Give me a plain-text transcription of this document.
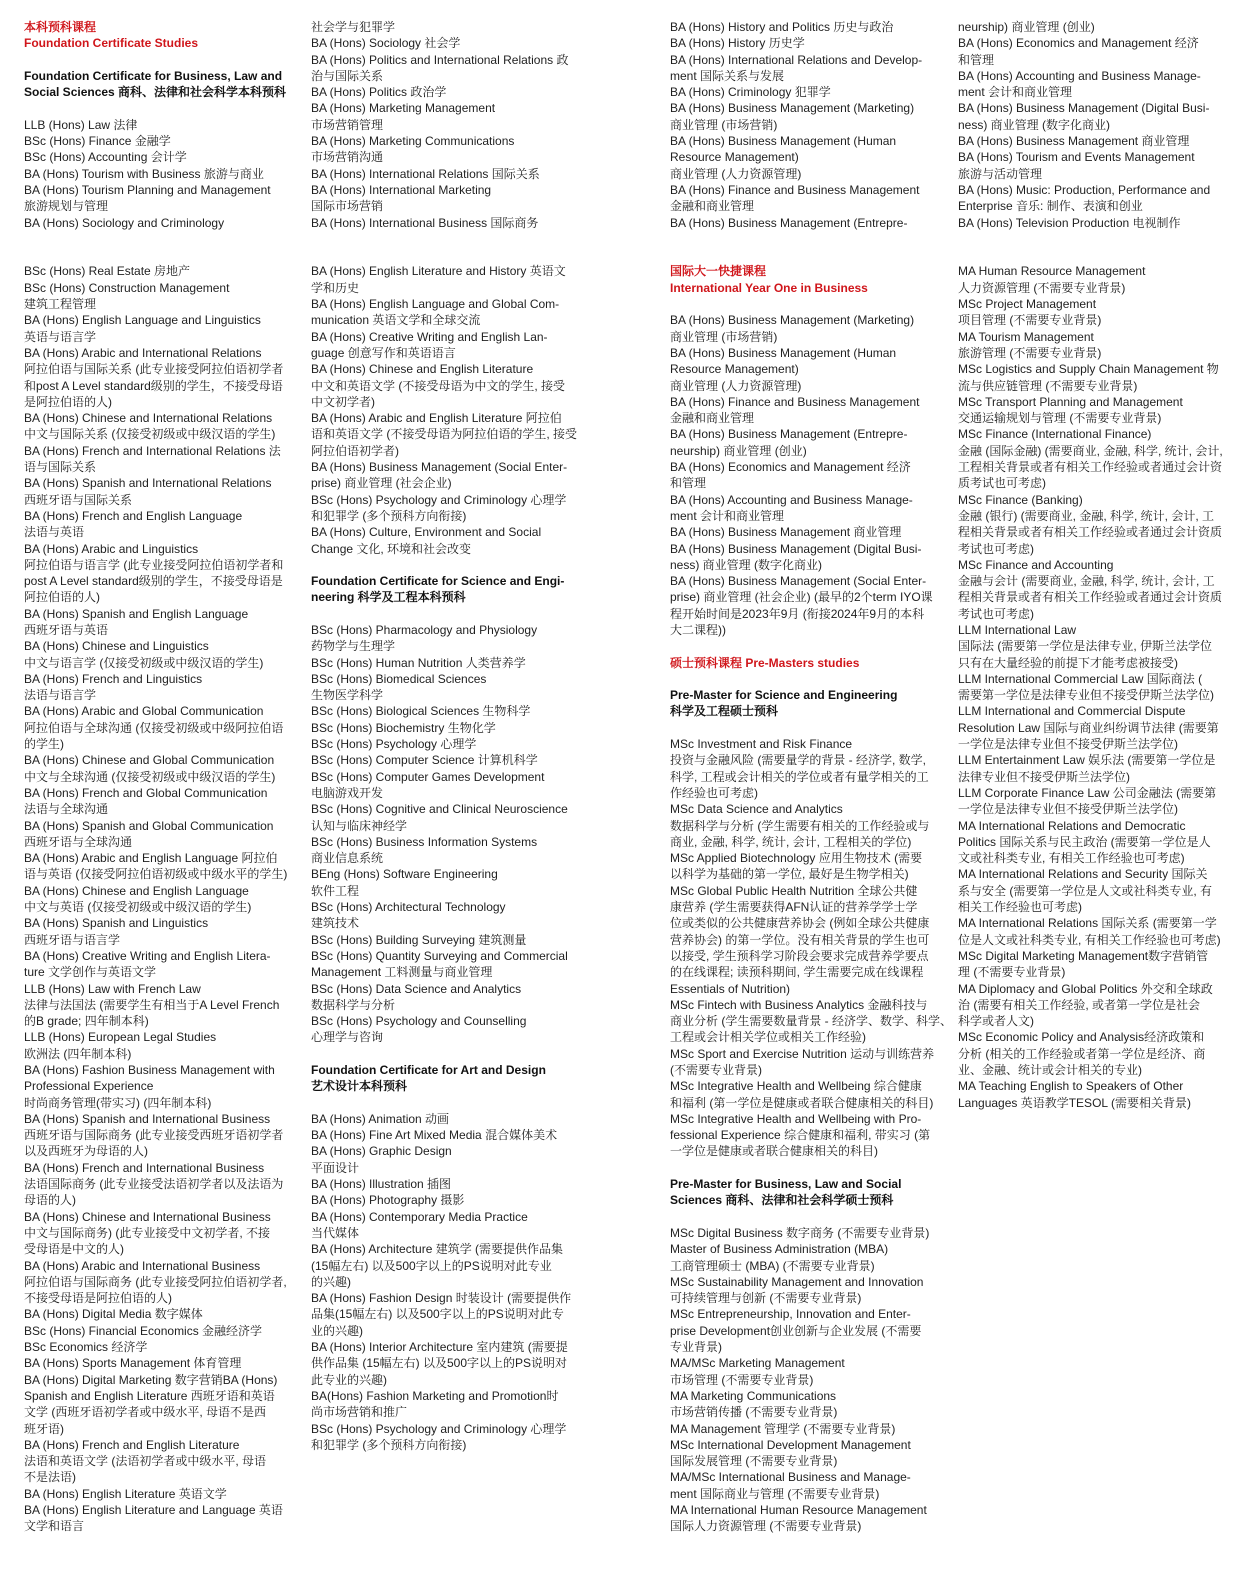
本科预科课程
Foundation Certificate Studies
Foundation Certificate for Business, Law and
Social Sciences 商科、法律和社会科学本科预科
LLB (Hons) Law 法律
BSc (Hons) Finance 金融学
BSc (Hons) Accounting 会计学
BA (Hons) Tourism with Business 旅游与商业
BA (Hons) Tourism Planning and Management
旅游规划与管理
BA (Hons) Sociology and Criminology
BSc (Hons) Real Estate 房地产
BSc (Hons) Construction Management
建筑工程管理
BA (Hons) English Language and Linguistics
英语与语言学
BA (Hons) Arabic and International Relations
阿拉伯语与国际关系 (此专业接受阿拉伯语初学者
和post A Level standard级别的学生，不接受母语
是阿拉伯语的人)
BA (Hons) Chinese and International Relations
中文与国际关系 (仅接受初级或中级汉语的学生)
BA (Hons) French and International Relations 法
语与国际关系
BA (Hons) Spanish and International Relations
西班牙语与国际关系
BA (Hons) French and English Language
法语与英语
BA (Hons) Arabic and Linguistics
阿拉伯语与语言学 (此专业接受阿拉伯语初学者和
post A Level standard级别的学生，不接受母语是
阿拉伯语的人)
BA (Hons) Spanish and English Language
西班牙语与英语
BA (Hons) Chinese and Linguistics
中文与语言学 (仅接受初级或中级汉语的学生)
BA (Hons) French and Linguistics
法语与语言学
BA (Hons) Arabic and Global Communication
阿拉伯语与全球沟通 (仅接受初级或中级阿拉伯语
的学生)
BA (Hons) Chinese and Global Communication
中文与全球沟通 (仅接受初级或中级汉语的学生)
BA (Hons) French and Global Communication
法语与全球沟通
BA (Hons) Spanish and Global Communication
西班牙语与全球沟通
BA (Hons) Arabic and English Language 阿拉伯
语与英语 (仅接受阿拉伯语初级或中级水平的学生)
BA (Hons) Chinese and English Language
中文与英语 (仅接受初级或中级汉语的学生)
BA (Hons) Spanish and Linguistics
西班牙语与语言学
BA (Hons) Creative Writing and English Litera-
ture 文学创作与英语文学
LLB (Hons) Law with French Law
法律与法国法 (需要学生有相当于A Level French
的B grade; 四年制本科)
LLB (Hons) European Legal Studies
欧洲法 (四年制本科)
BA (Hons) Fashion Business Management with
Professional Experience
时尚商务管理(带实习) (四年制本科)
BA (Hons) Spanish and International Business
西班牙语与国际商务 (此专业接受西班牙语初学者
以及西班牙为母语的人)
BA (Hons) French and International Business
法语国际商务 (此专业接受法语初学者以及法语为
母语的人)
BA (Hons) Chinese and International Business
中文与国际商务) (此专业接受中文初学者, 不接
受母语是中文的人)
BA (Hons) Arabic and International Business
阿拉伯语与国际商务 (此专业接受阿拉伯语初学者,
不接受母语是阿拉伯语的人)
BA (Hons) Digital Media 数字媒体
BSc (Hons) Financial Economics 金融经济学
BSc Economics 经济学
BA (Hons) Sports Management 体育管理
BA (Hons) Digital Marketing 数字营销BA (Hons)
Spanish and English Literature 西班牙语和英语
文学 (西班牙语初学者或中级水平, 母语不是西
班牙语)
BA (Hons) French and English Literature
法语和英语文学 (法语初学者或中级水平, 母语
不是法语)
BA (Hons) English Literature 英语文学
BA (Hons) English Literature and Language 英语
文学和语言
社会学与犯罪学
BA (Hons) Sociology 社会学
BA (Hons) Politics and International Relations 政
治与国际关系
BA (Hons) Politics 政治学
BA (Hons) Marketing Management
市场营销管理
BA (Hons) Marketing Communications
市场营销沟通
BA (Hons) International Relations 国际关系
BA (Hons) International Marketing
国际市场营销
BA (Hons) International Business 国际商务
BA (Hons) English Literature and History 英语文
学和历史
BA (Hons) English Language and Global Com-
munication 英语文学和全球交流
BA (Hons) Creative Writing and English Lan-
guage 创意写作和英语语言
BA (Hons) Chinese and English Literature
中文和英语文学 (不接受母语为中文的学生, 接受
中文初学者)
BA (Hons) Arabic and English Literature 阿拉伯
语和英语文学 (不接受母语为阿拉伯语的学生, 接受
阿拉伯语初学者)
BA (Hons) Business Management (Social Enter-
prise) 商业管理 (社会企业)
BSc (Hons) Psychology and Criminology 心理学
和犯罪学 (多个预科方向衔接)
BA (Hons) Culture, Environment and Social
Change 文化, 环境和社会改变
Foundation Certificate for Science and Engi-
neering 科学及工程本科预科
BSc (Hons) Pharmacology and Physiology
药物学与生理学
BSc (Hons) Human Nutrition 人类营养学
BSc (Hons) Biomedical Sciences
生物医学科学
BSc (Hons) Biological Sciences 生物科学
BSc (Hons) Biochemistry 生物化学
BSc (Hons) Psychology 心理学
BSc (Hons) Computer Science 计算机科学
BSc (Hons) Computer Games Development
电脑游戏开发
BSc (Hons) Cognitive and Clinical Neuroscience
认知与临床神经学
BSc (Hons) Business Information Systems
商业信息系统
BEng (Hons) Software Engineering
软件工程
BSc (Hons) Architectural Technology
建筑技术
BSc (Hons) Building Surveying 建筑测量
BSc (Hons) Quantity Surveying and Commercial
Management 工料测量与商业管理
BSc (Hons) Data Science and Analytics
数据科学与分析
BSc (Hons) Psychology and Counselling
心理学与咨询
Foundation Certificate for Art and Design
艺术设计本科预科
BA (Hons) Animation 动画
BA (Hons) Fine Art Mixed Media 混合媒体美术
BA (Hons) Graphic Design
平面设计
BA (Hons) Illustration 插图
BA (Hons) Photography 摄影
BA (Hons) Contemporary Media Practice
当代媒体
BA (Hons) Architecture 建筑学 (需要提供作品集
(15幅左右) 以及500字以上的PS说明对此专业
的兴趣)
BA (Hons) Fashion Design 时装设计 (需要提供作
品集(15幅左右) 以及500字以上的PS说明对此专
业的兴趣)
BA (Hons) Interior Architecture 室内建筑 (需要提
供作品集 (15幅左右) 以及500字以上的PS说明对
此专业的兴趣)
BA(Hons) Fashion Marketing and Promotion时
尚市场营销和推广
BSc (Hons) Psychology and Criminology 心理学
和犯罪学 (多个预科方向衔接)
BA (Hons) History and Politics 历史与政治
BA (Hons) History 历史学
BA (Hons) International Relations and Develop-
ment 国际关系与发展
BA (Hons) Criminology 犯罪学
BA (Hons) Business Management (Marketing)
商业管理 (市场营销)
BA (Hons) Business Management (Human
Resource Management)
商业管理 (人力资源管理)
BA (Hons) Finance and Business Management
金融和商业管理
BA (Hons) Business Management (Entrepre-
国际大一快捷课程
International Year One in Business
BA (Hons) Business Management (Marketing)
商业管理 (市场营销)
BA (Hons) Business Management (Human
Resource Management)
商业管理 (人力资源管理)
BA (Hons) Finance and Business Management
金融和商业管理
BA (Hons) Business Management (Entrepre-
neurship) 商业管理 (创业)
BA (Hons) Economics and Management 经济
和管理
BA (Hons) Accounting and Business Manage-
ment 会计和商业管理
BA (Hons) Business Management 商业管理
BA (Hons) Business Management (Digital Busi-
ness) 商业管理 (数字化商业)
BA (Hons) Business Management (Social Enter-
prise) 商业管理 (社会企业) (最早的2个term IYO课
程开始时间是2023年9月 (衔接2024年9月的本科
大二课程))
硕士预科课程 Pre-Masters studies
Pre-Master for Science and Engineering
科学及工程硕士预科
MSc Investment and Risk Finance
投资与金融风险 (需要量学的背景 - 经济学, 数学,
科学, 工程或会计相关的学位或者有量学相关的工
作经验也可考虑)
MSc Data Science and Analytics
数据科学与分析 (学生需要有相关的工作经验或与
商业, 金融, 科学, 统计, 会计, 工程相关的学位)
MSc Applied Biotechnology 应用生物技术 (需要
以科学为基础的第一学位, 最好是生物学相关)
MSc Global Public Health Nutrition 全球公共健
康营养 (学生需要获得AFN认证的营养学学士学
位或类似的公共健康营养协会 (例如全球公共健康
营养协会) 的第一学位。没有相关背景的学生也可
以接受, 学生预科学习阶段会要求完成营养学要点
的在线课程; 读预科期间, 学生需要完成在线课程
Essentials of Nutrition)
MSc Fintech with Business Analytics 金融科技与
商业分析 (学生需要数量背景 - 经济学、数学、科学、
工程或会计相关学位或相关工作经验)
MSc Sport and Exercise Nutrition 运动与训练营养
(不需要专业背景)
MSc Integrative Health and Wellbeing 综合健康
和福利 (第一学位是健康或者联合健康相关的科目)
MSc Integrative Health and Wellbeing with Pro-
fessional Experience 综合健康和福利, 带实习 (第
一学位是健康或者联合健康相关的科目)
Pre-Master for Business, Law and Social
Sciences 商科、法律和社会科学硕士预科
MSc Digital Business 数字商务 (不需要专业背景)
Master of Business Administration (MBA)
工商管理硕士 (MBA) (不需要专业背景)
MSc Sustainability Management and Innovation
可持续管理与创新 (不需要专业背景)
MSc Entrepreneurship, Innovation and Enter-
prise Development创业创新与企业发展 (不需要
专业背景)
MA/MSc Marketing Management
市场管理 (不需要专业背景)
MA Marketing Communications
市场营销传播 (不需要专业背景)
MA Management 管理学 (不需要专业背景)
MSc International Development Management
国际发展管理 (不需要专业背景)
MA/MSc International Business and Manage-
ment 国际商业与管理 (不需要专业背景)
MA International Human Resource Management
国际人力资源管理 (不需要专业背景)
neurship) 商业管理 (创业)
BA (Hons) Economics and Management 经济
和管理
BA (Hons) Accounting and Business Manage-
ment 会计和商业管理
BA (Hons) Business Management (Digital Busi-
ness) 商业管理 (数字化商业)
BA (Hons) Business Management 商业管理
BA (Hons) Tourism and Events Management
旅游与活动管理
BA (Hons) Music: Production, Performance and
Enterprise 音乐: 制作、表演和创业
BA (Hons) Television Production 电视制作
MA Human Resource Management
人力资源管理 (不需要专业背景)
MSc Project Management
项目管理 (不需要专业背景)
MA Tourism Management
旅游管理 (不需要专业背景)
MSc Logistics and Supply Chain Management 物
流与供应链管理 (不需要专业背景)
MSc Transport Planning and Management
交通运输规划与管理 (不需要专业背景)
MSc Finance (International Finance)
金融 (国际金融) (需要商业, 金融, 科学, 统计, 会计,
工程相关背景或者有相关工作经验或者通过会计资
质考试也可考虑)
MSc Finance (Banking)
金融 (银行) (需要商业, 金融, 科学, 统计, 会计, 工
程相关背景或者有相关工作经验或者通过会计资质
考试也可考虑)
MSc Finance and Accounting
金融与会计 (需要商业, 金融, 科学, 统计, 会计, 工
程相关背景或者有相关工作经验或者通过会计资质
考试也可考虑)
LLM International Law
国际法 (需要第一学位是法律专业, 伊斯兰法学位
只有在大量经验的前提下才能考虑被接受)
LLM International Commercial Law 国际商法 (
需要第一学位是法律专业但不接受伊斯兰法学位)
LLM International and Commercial Dispute
Resolution Law 国际与商业纠纷调节法律 (需要第
一学位是法律专业但不接受伊斯兰法学位)
LLM Entertainment Law 娱乐法 (需要第一学位是
法律专业但不接受伊斯兰法学位)
LLM Corporate Finance Law 公司金融法 (需要第
一学位是法律专业但不接受伊斯兰法学位)
MA International Relations and Democratic
Politics 国际关系与民主政治 (需要第一学位是人
文或社科类专业, 有相关工作经验也可考虑)
MA International Relations and Security 国际关
系与安全 (需要第一学位是人文或社科类专业, 有
相关工作经验也可考虑)
MA International Relations 国际关系 (需要第一学
位是人文或社科类专业, 有相关工作经验也可考虑)
MSc Digital Marketing Management数字营销管
理 (不需要专业背景)
MA Diplomacy and Global Politics 外交和全球政
治 (需要有相关工作经验, 或者第一学位是社会
科学或者人文)
MSc Economic Policy and Analysis经济政策和
分析 (相关的工作经验或者第一学位是经济、商
业、金融、统计或会计相关的专业)
MA Teaching English to Speakers of Other
Languages 英语教学TESOL (需要相关背景)
